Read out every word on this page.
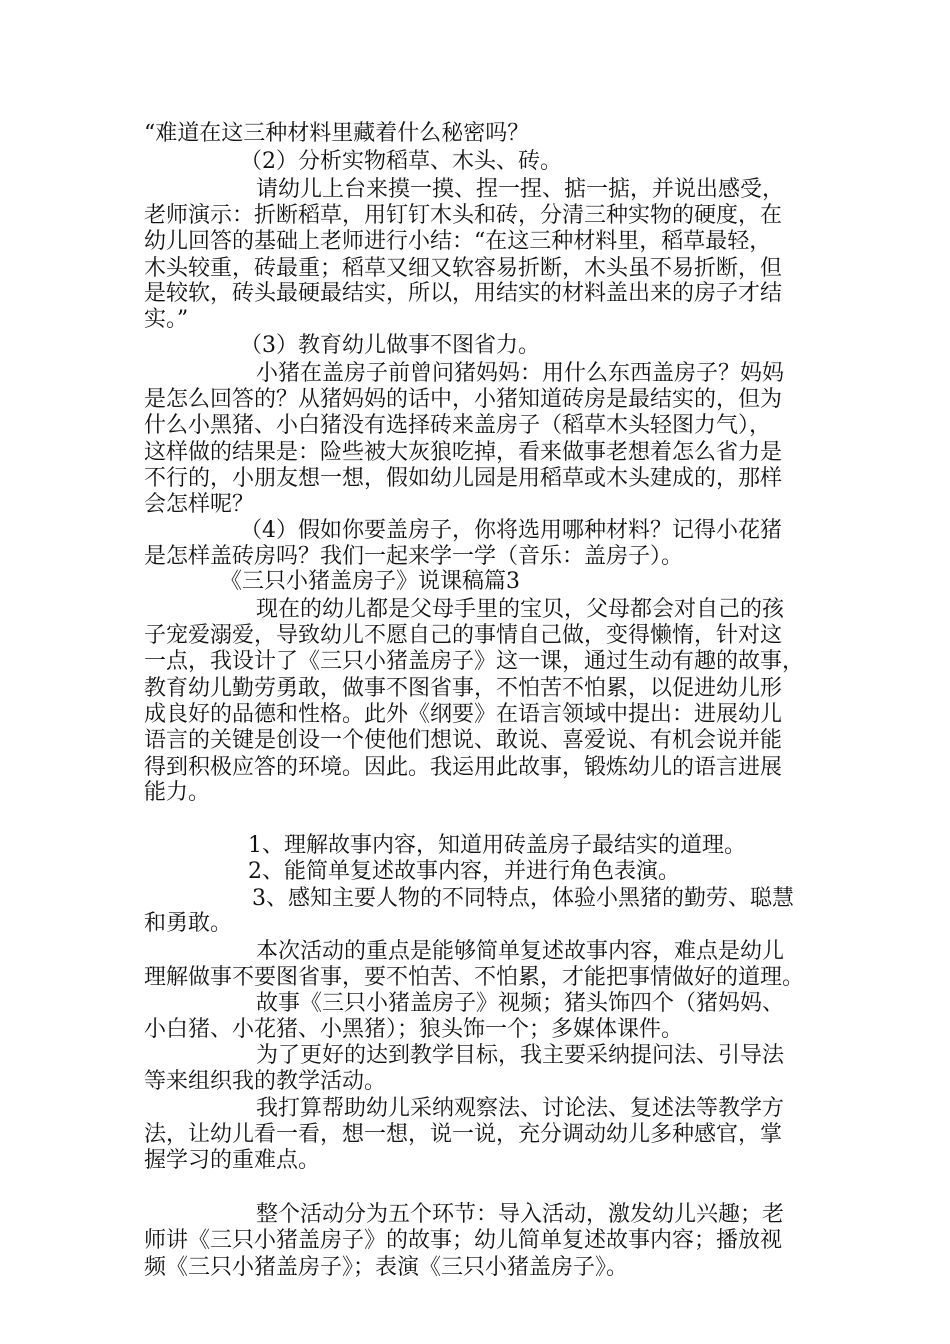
“难道在这三种材料里藏着什么秘密吗？
（2）分析实物稻草、木头、砖。
请幼儿上台来摸一摸、捏一捏、掂一掂，并说出感受，
老师演示：折断稻草，用钉钉木头和砖，分清三种实物的硬度，在
幼儿回答的基础上老师进行小结：“在这三种材料里，稻草最轻，
木头较重，砖最重；稻草又细又软容易折断，木头虽不易折断，但
是较软，砖头最硬最结实，所以，用结实的材料盖出来的房子才结
实。”
（3）教育幼儿做事不图省力。
小猪在盖房子前曾问猪妈妈：用什么东西盖房子？妈妈
是怎么回答的？从猪妈妈的话中，小猪知道砖房是最结实的，但为
什么小黑猪、小白猪没有选择砖来盖房子（稻草木头轻图力气），
这样做的结果是：险些被大灰狼吃掉，看来做事老想着怎么省力是
不行的，小朋友想一想，假如幼儿园是用稻草或木头建成的，那样
会怎样呢？
（4）假如你要盖房子，你将选用哪种材料？记得小花猪
是怎样盖砖房吗？我们一起来学一学（音乐：盖房子）。
《三只小猪盖房子》说课稿篇3
现在的幼儿都是父母手里的宝贝，父母都会对自己的孩
子宠爱溺爱，导致幼儿不愿自己的事情自己做，变得懒惰，针对这
一点，我设计了《三只小猪盖房子》这一课，通过生动有趣的故事，
教育幼儿勤劳勇敢，做事不图省事，不怕苦不怕累，以促进幼儿形
成良好的品德和性格。此外《纲要》在语言领域中提出：进展幼儿
语言的关键是创设一个使他们想说、敢说、喜爱说、有机会说并能
得到积极应答的环境。因此。我运用此故事，锻炼幼儿的语言进展
能力。
1、理解故事内容，知道用砖盖房子最结实的道理。
2、能简单复述故事内容，并进行角色表演。
3、感知主要人物的不同特点，体验小黑猪的勤劳、聪慧
和勇敢。
本次活动的重点是能够简单复述故事内容，难点是幼儿
理解做事不要图省事，要不怕苦、不怕累，才能把事情做好的道理。
故事《三只小猪盖房子》视频；猪头饰四个（猪妈妈、
小白猪、小花猪、小黑猪）；狼头饰一个；多媒体课件。
为了更好的达到教学目标，我主要采纳提问法、引导法
等来组织我的教学活动。
我打算帮助幼儿采纳观察法、讨论法、复述法等教学方
法，让幼儿看一看，想一想，说一说，充分调动幼儿多种感官，掌
握学习的重难点。
整个活动分为五个环节：导入活动，激发幼儿兴趣；老
师讲《三只小猪盖房子》的故事；幼儿简单复述故事内容；播放视
频《三只小猪盖房子》；表演《三只小猪盖房子》。
